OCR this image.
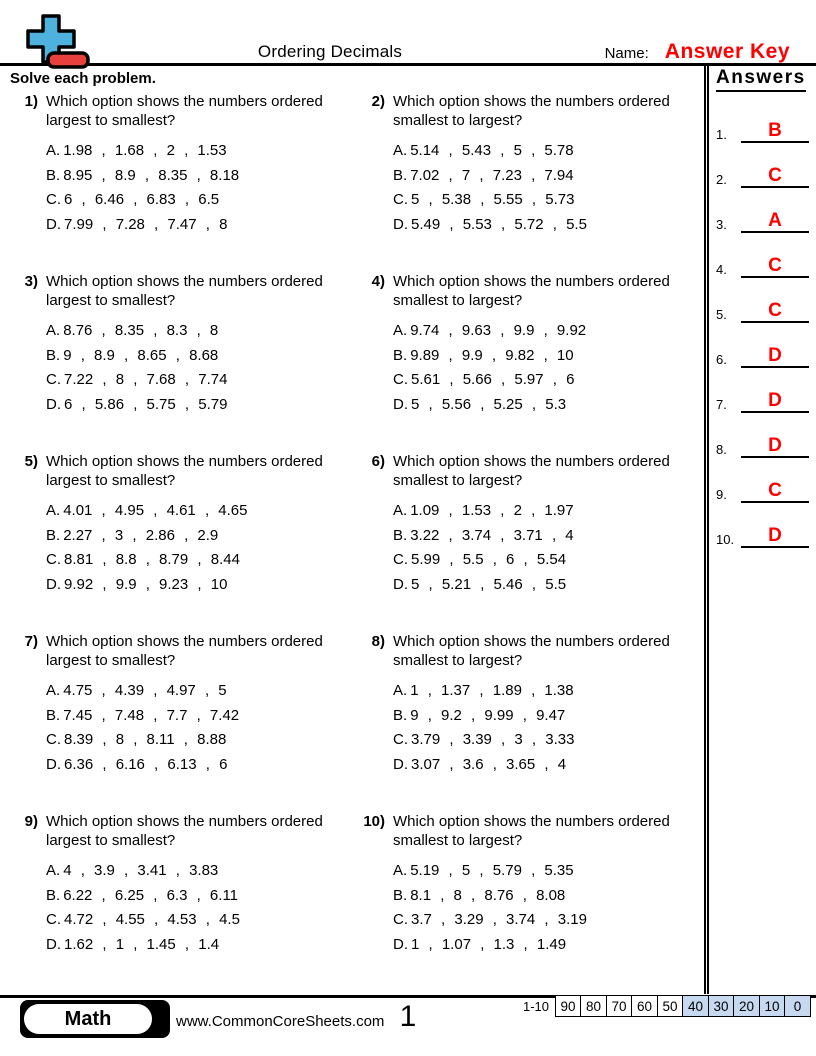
Ordering Decimals	Name: Answer Key
Solve each problem.
1) Which option shows the numbers ordered largest to smallest?
A. 1.98 , 1.68 , 2 , 1.53
B. 8.95 , 8.9 , 8.35 , 8.18
C. 6 , 6.46 , 6.83 , 6.5
D. 7.99 , 7.28 , 7.47 , 8
2) Which option shows the numbers ordered smallest to largest?
A. 5.14 , 5.43 , 5 , 5.78
B. 7.02 , 7 , 7.23 , 7.94
C. 5 , 5.38 , 5.55 , 5.73
D. 5.49 , 5.53 , 5.72 , 5.5
3) Which option shows the numbers ordered largest to smallest?
A. 8.76 , 8.35 , 8.3 , 8
B. 9 , 8.9 , 8.65 , 8.68
C. 7.22 , 8 , 7.68 , 7.74
D. 6 , 5.86 , 5.75 , 5.79
4) Which option shows the numbers ordered smallest to largest?
A. 9.74 , 9.63 , 9.9 , 9.92
B. 9.89 , 9.9 , 9.82 , 10
C. 5.61 , 5.66 , 5.97 , 6
D. 5 , 5.56 , 5.25 , 5.3
5) Which option shows the numbers ordered largest to smallest?
A. 4.01 , 4.95 , 4.61 , 4.65
B. 2.27 , 3 , 2.86 , 2.9
C. 8.81 , 8.8 , 8.79 , 8.44
D. 9.92 , 9.9 , 9.23 , 10
6) Which option shows the numbers ordered smallest to largest?
A. 1.09 , 1.53 , 2 , 1.97
B. 3.22 , 3.74 , 3.71 , 4
C. 5.99 , 5.5 , 6 , 5.54
D. 5 , 5.21 , 5.46 , 5.5
7) Which option shows the numbers ordered largest to smallest?
A. 4.75 , 4.39 , 4.97 , 5
B. 7.45 , 7.48 , 7.7 , 7.42
C. 8.39 , 8 , 8.11 , 8.88
D. 6.36 , 6.16 , 6.13 , 6
8) Which option shows the numbers ordered smallest to largest?
A. 1 , 1.37 , 1.89 , 1.38
B. 9 , 9.2 , 9.99 , 9.47
C. 3.79 , 3.39 , 3 , 3.33
D. 3.07 , 3.6 , 3.65 , 4
9) Which option shows the numbers ordered largest to smallest?
A. 4 , 3.9 , 3.41 , 3.83
B. 6.22 , 6.25 , 6.3 , 6.11
C. 4.72 , 4.55 , 4.53 , 4.5
D. 1.62 , 1 , 1.45 , 1.4
10) Which option shows the numbers ordered smallest to largest?
A. 5.19 , 5 , 5.79 , 5.35
B. 8.1 , 8 , 8.76 , 8.08
C. 3.7 , 3.29 , 3.74 , 3.19
D. 1 , 1.07 , 1.3 , 1.49
Answers
1.	B
2.	C
3.	A
4.	C
5.	C
6.	D
7.	D
8.	D
9.	C
10.	D
Math	www.CommonCoreSheets.com 1	1-10 90 80 70 60 50 40 30 20 10	0
